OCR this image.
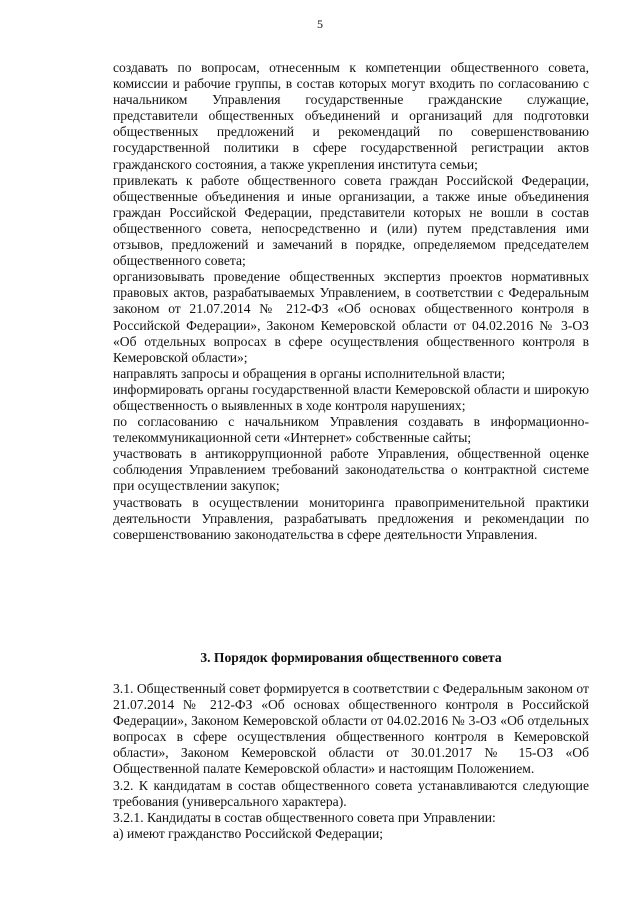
5

создавать по вопросам, отнесенным к компетенции общественного совета, комиссии и рабочие группы, в состав которых могут входить по согласованию с начальником Управления государственные гражданские служащие, представители общественных объединений и организаций для подготовки общественных предложений и рекомендаций по совершенствованию государственной политики в сфере государственной регистрации актов гражданского состояния, а также укрепления института семьи;

привлекать к работе общественного совета граждан Российской Федерации, общественные объединения и иные организации, а также иные объединения граждан Российской Федерации, представители которых не вошли в состав общественного совета, непосредственно и (или) путем представления ими отзывов, предложений и замечаний в порядке, определяемом председателем общественного совета;

организовывать проведение общественных экспертиз проектов нормативных правовых актов, разрабатываемых Управлением, в соответствии с Федеральным законом от 21.07.2014 № 212-ФЗ «Об основах общественного контроля в Российской Федерации», Законом Кемеровской области от 04.02.2016 № 3-ОЗ «Об отдельных вопросах в сфере осуществления общественного контроля в Кемеровской области»;

направлять запросы и обращения в органы исполнительной власти;

информировать органы государственной власти Кемеровской области и широкую общественность о выявленных в ходе контроля нарушениях;

по согласованию с начальником Управления создавать в информационно-телекоммуникационной сети «Интернет» собственные сайты;

участвовать в антикоррупционной работе Управления, общественной оценке соблюдения Управлением требований законодательства о контрактной системе при осуществлении закупок;

участвовать в осуществлении мониторинга правоприменительной практики деятельности Управления, разрабатывать предложения и рекомендации по совершенствованию законодательства в сфере деятельности Управления.

3. Порядок формирования общественного совета

3.1. Общественный совет формируется в соответствии с Федеральным законом от 21.07.2014 № 212-ФЗ «Об основах общественного контроля в Российской Федерации», Законом Кемеровской области от 04.02.2016 № 3-ОЗ «Об отдельных вопросах в сфере осуществления общественного контроля в Кемеровской области», Законом Кемеровской области от 30.01.2017 № 15-ОЗ «Об Общественной палате Кемеровской области» и настоящим Положением.

3.2. К кандидатам в состав общественного совета устанавливаются следующие требования (универсального характера).

3.2.1. Кандидаты в состав общественного совета при Управлении:

а) имеют гражданство Российской Федерации;
